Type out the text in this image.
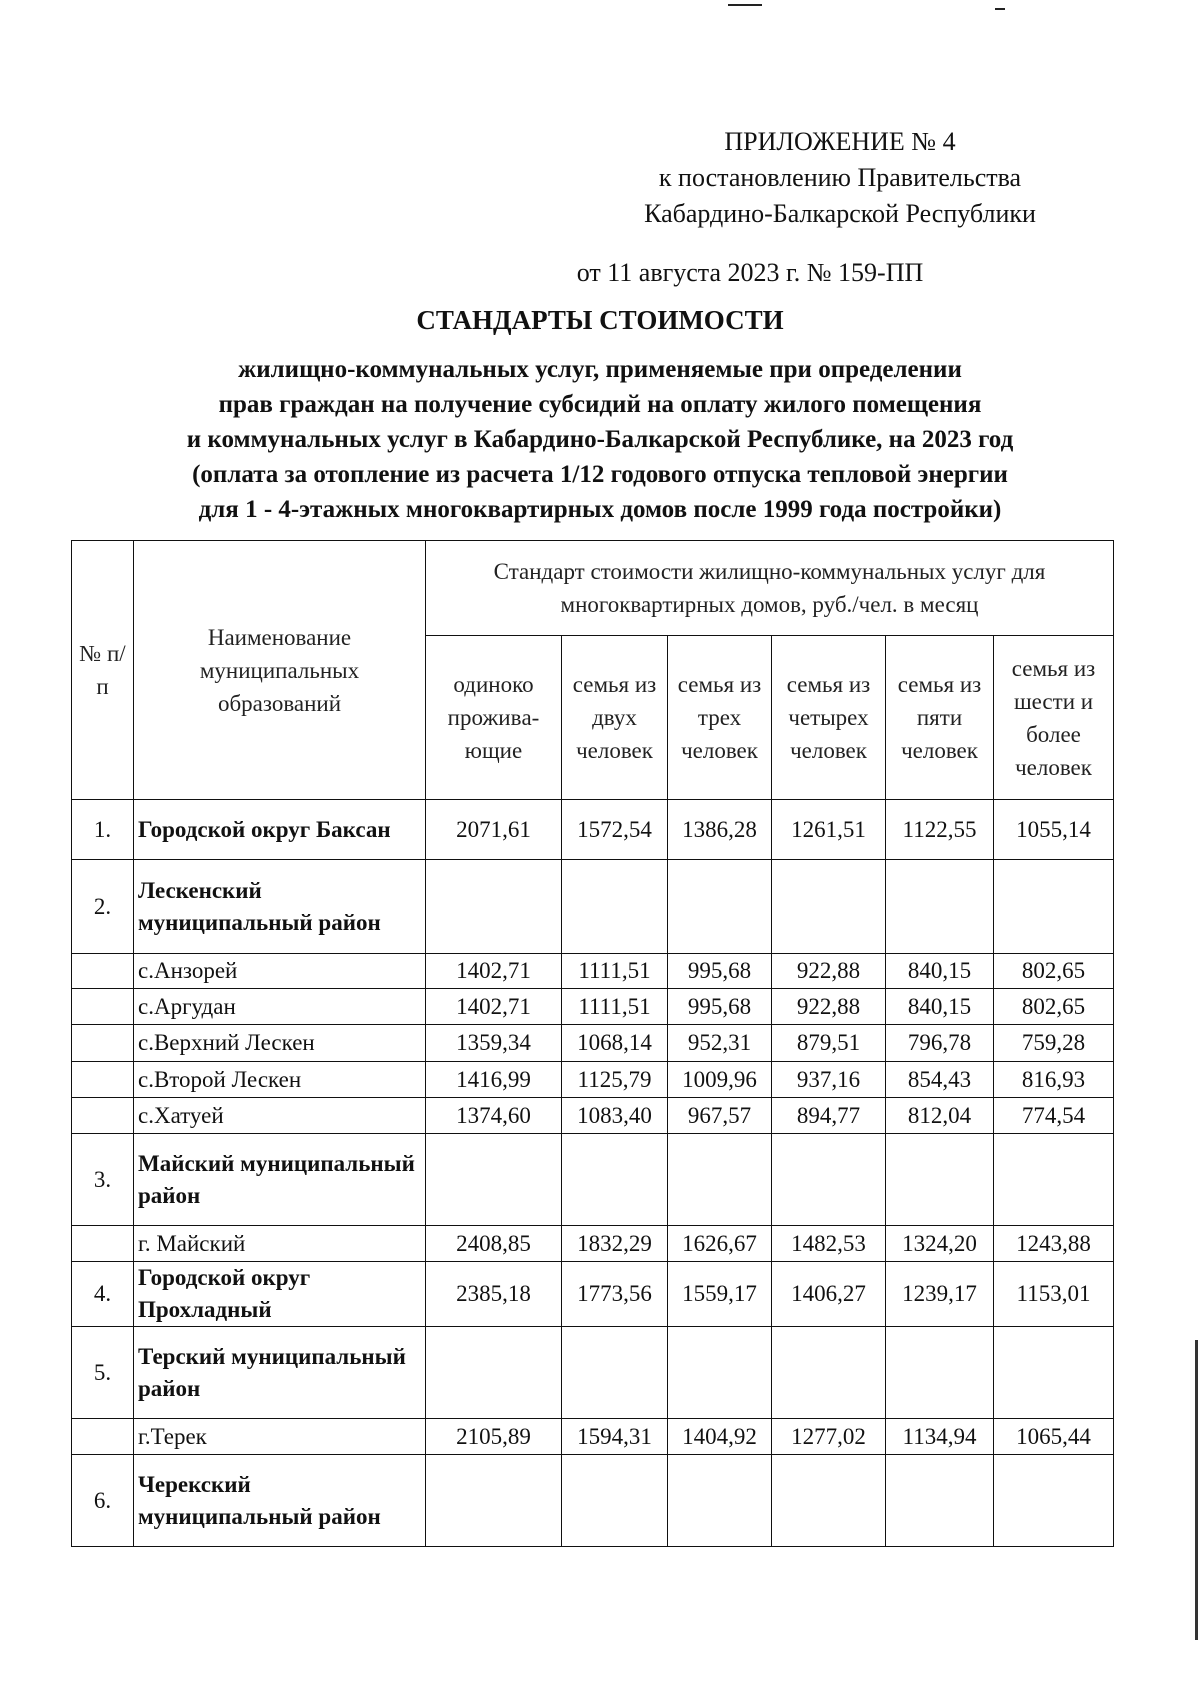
ПРИЛОЖЕНИЕ № 4
к постановлению Правительства
Кабардино-Балкарской Республики
от 11 августа 2023 г. № 159-ПП
СТАНДАРТЫ СТОИМОСТИ
жилищно-коммунальных услуг, применяемые при определении
прав граждан на получение субсидий на оплату жилого помещения
и коммунальных услуг в Кабардино-Балкарской Республике, на 2023 год
(оплата за отопление из расчета 1/12 годового отпуска тепловой энергии
для 1 - 4-этажных многоквартирных домов после 1999 года постройки)
№ п/п	Наименование муниципальных образований	Стандарт стоимости жилищно-коммунальных услуг для многоквартирных домов, руб./чел. в месяц					
		одиноко проживa-ющие	семья из двух человек	семья из трех человек	семья из четырех человек	семья из пяти человек	семья из шести и более человек
1.	Городской округ Баксан	2071,61	1572,54	1386,28	1261,51	1122,55	1055,14
2.	Лескенский муниципальный район						
	с.Анзорей	1402,71	1111,51	995,68	922,88	840,15	802,65
	с.Аргудан	1402,71	1111,51	995,68	922,88	840,15	802,65
	с.Верхний Лескен	1359,34	1068,14	952,31	879,51	796,78	759,28
	с.Второй Лескен	1416,99	1125,79	1009,96	937,16	854,43	816,93
	с.Хатуей	1374,60	1083,40	967,57	894,77	812,04	774,54
3.	Майский муниципальный район						
	г. Майский	2408,85	1832,29	1626,67	1482,53	1324,20	1243,88
4.	Городской округ Прохладный	2385,18	1773,56	1559,17	1406,27	1239,17	1153,01
5.	Терский муниципальный район						
	г.Терек	2105,89	1594,31	1404,92	1277,02	1134,94	1065,44
6.	Черекский муниципальный район						
